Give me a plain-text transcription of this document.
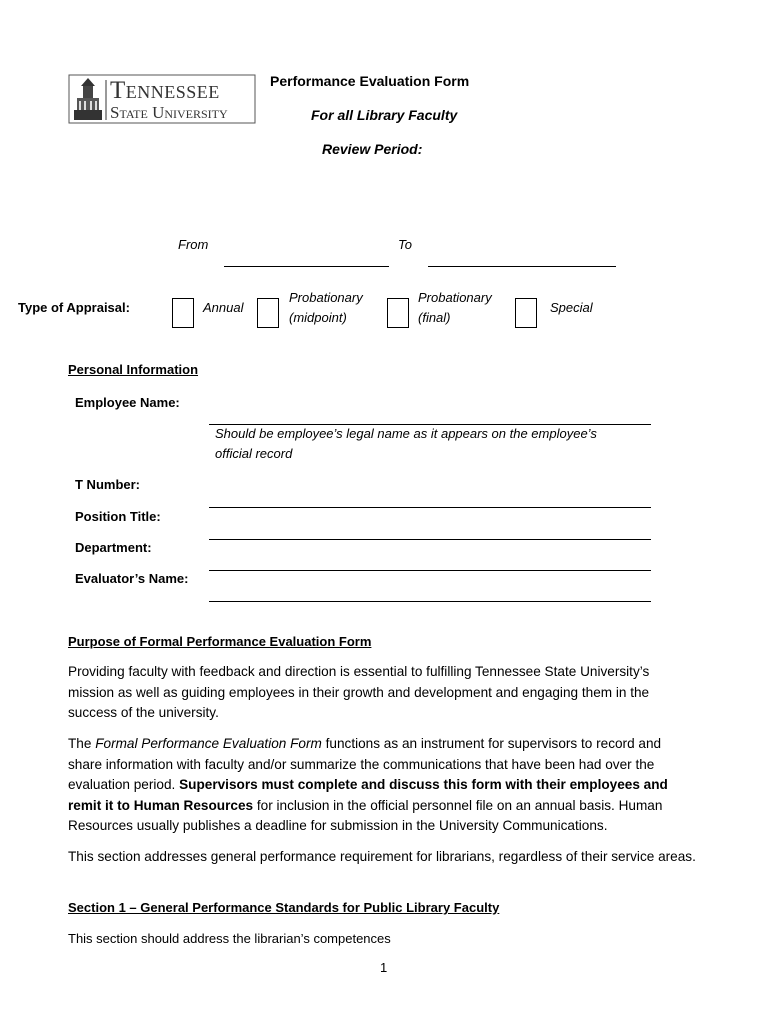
Tennessee
State University
Performance Evaluation Form
For all Library Faculty
Review Period:
From	To
Type of Appraisal:	Annual
Probationary
(midpoint)
Probationary
(final)
Special
Personal Information
Employee Name:
Should be employee’s legal name as it appears on the employee’s
official record
T Number:
Position Title:
Department:
Evaluator’s Name:
Purpose of Formal Performance Evaluation Form

Providing faculty with feedback and direction is essential to fulfilling Tennessee State University’s mission as well as guiding employees in their growth and development and engaging them in the success of the university.

The Formal Performance Evaluation Form functions as an instrument for supervisors to record and share information with faculty and/or summarize the communications that have been had over the evaluation period. Supervisors must complete and discuss this form with their employees and remit it to Human Resources for inclusion in the official personnel file on an annual basis. Human Resources usually publishes a deadline for submission in the University Communications.

This section addresses general performance requirement for librarians, regardless of their service areas.

Section 1 – General Performance Standards for Public Library Faculty
This section should address the librarian’s competences
1
